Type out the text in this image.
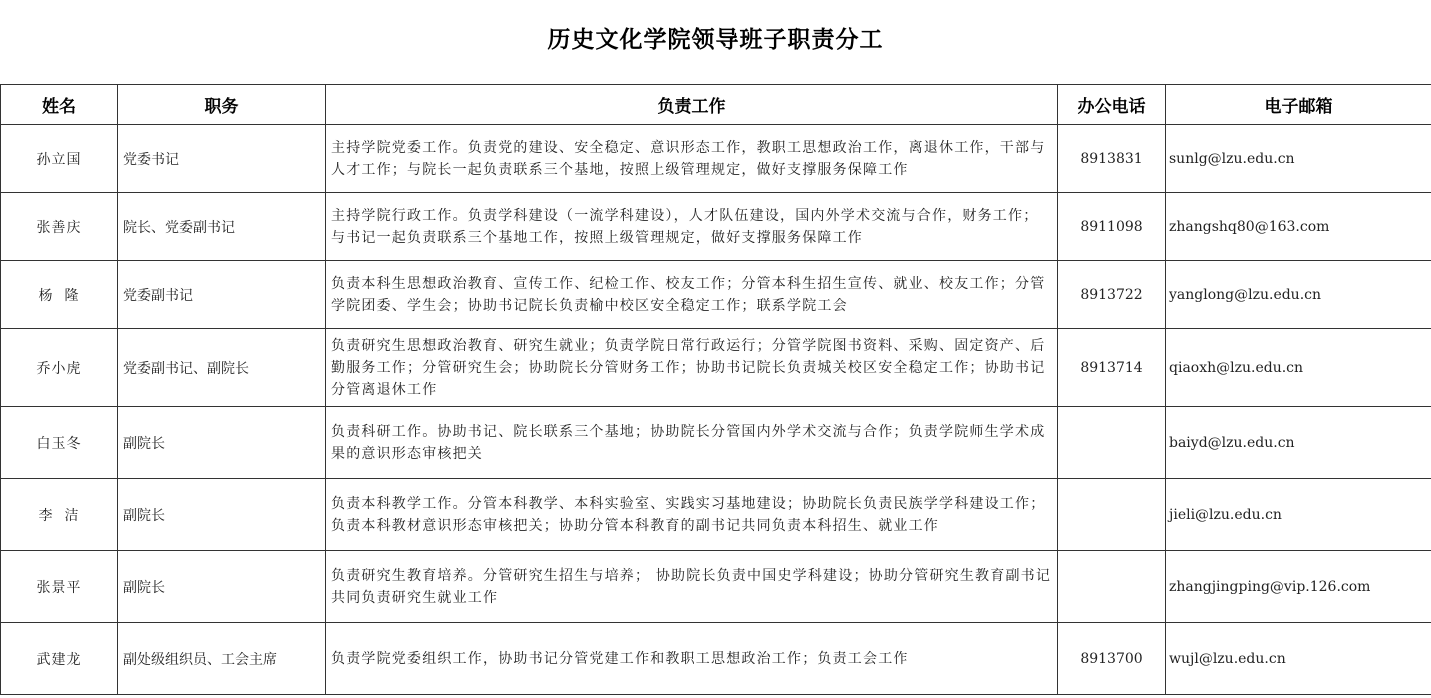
历史文化学院领导班子职责分工
姓名	职务	负责工作	办公电话	电子邮箱
孙立国	党委书记	主持学院党委工作。负责党的建设、安全稳定、意识形态工作，教职工思想政治工作，离退休工作，干部与人才工作；与院长一起负责联系三个基地，按照上级管理规定，做好支撑服务保障工作	8913831	sunlg@lzu.edu.cn
张善庆	院长、党委副书记	主持学院行政工作。负责学科建设（一流学科建设），人才队伍建设，国内外学术交流与合作，财务工作；与书记一起负责联系三个基地工作，按照上级管理规定，做好支撑服务保障工作	8911098	zhangshq80@163.com
杨  隆	党委副书记	负责本科生思想政治教育、宣传工作、纪检工作、校友工作；分管本科生招生宣传、就业、校友工作；分管学院团委、学生会；协助书记院长负责榆中校区安全稳定工作；联系学院工会	8913722	yanglong@lzu.edu.cn
乔小虎	党委副书记、副院长	负责研究生思想政治教育、研究生就业；负责学院日常行政运行；分管学院图书资料、采购、固定资产、后勤服务工作；分管研究生会；协助院长分管财务工作；协助书记院长负责城关校区安全稳定工作；协助书记分管离退休工作	8913714	qiaoxh@lzu.edu.cn
白玉冬	副院长	负责科研工作。协助书记、院长联系三个基地；协助院长分管国内外学术交流与合作；负责学院师生学术成果的意识形态审核把关		baiyd@lzu.edu.cn
李  洁	副院长	负责本科教学工作。分管本科教学、本科实验室、实践实习基地建设；协助院长负责民族学学科建设工作；负责本科教材意识形态审核把关；协助分管本科教育的副书记共同负责本科招生、就业工作		jieli@lzu.edu.cn
张景平	副院长	负责研究生教育培养。分管研究生招生与培养； 协助院长负责中国史学科建设；协助分管研究生教育副书记共同负责研究生就业工作		zhangjingping@vip.126.com
武建龙	副处级组织员、工会主席	负责学院党委组织工作，协助书记分管党建工作和教职工思想政治工作；负责工会工作	8913700	wujl@lzu.edu.cn
